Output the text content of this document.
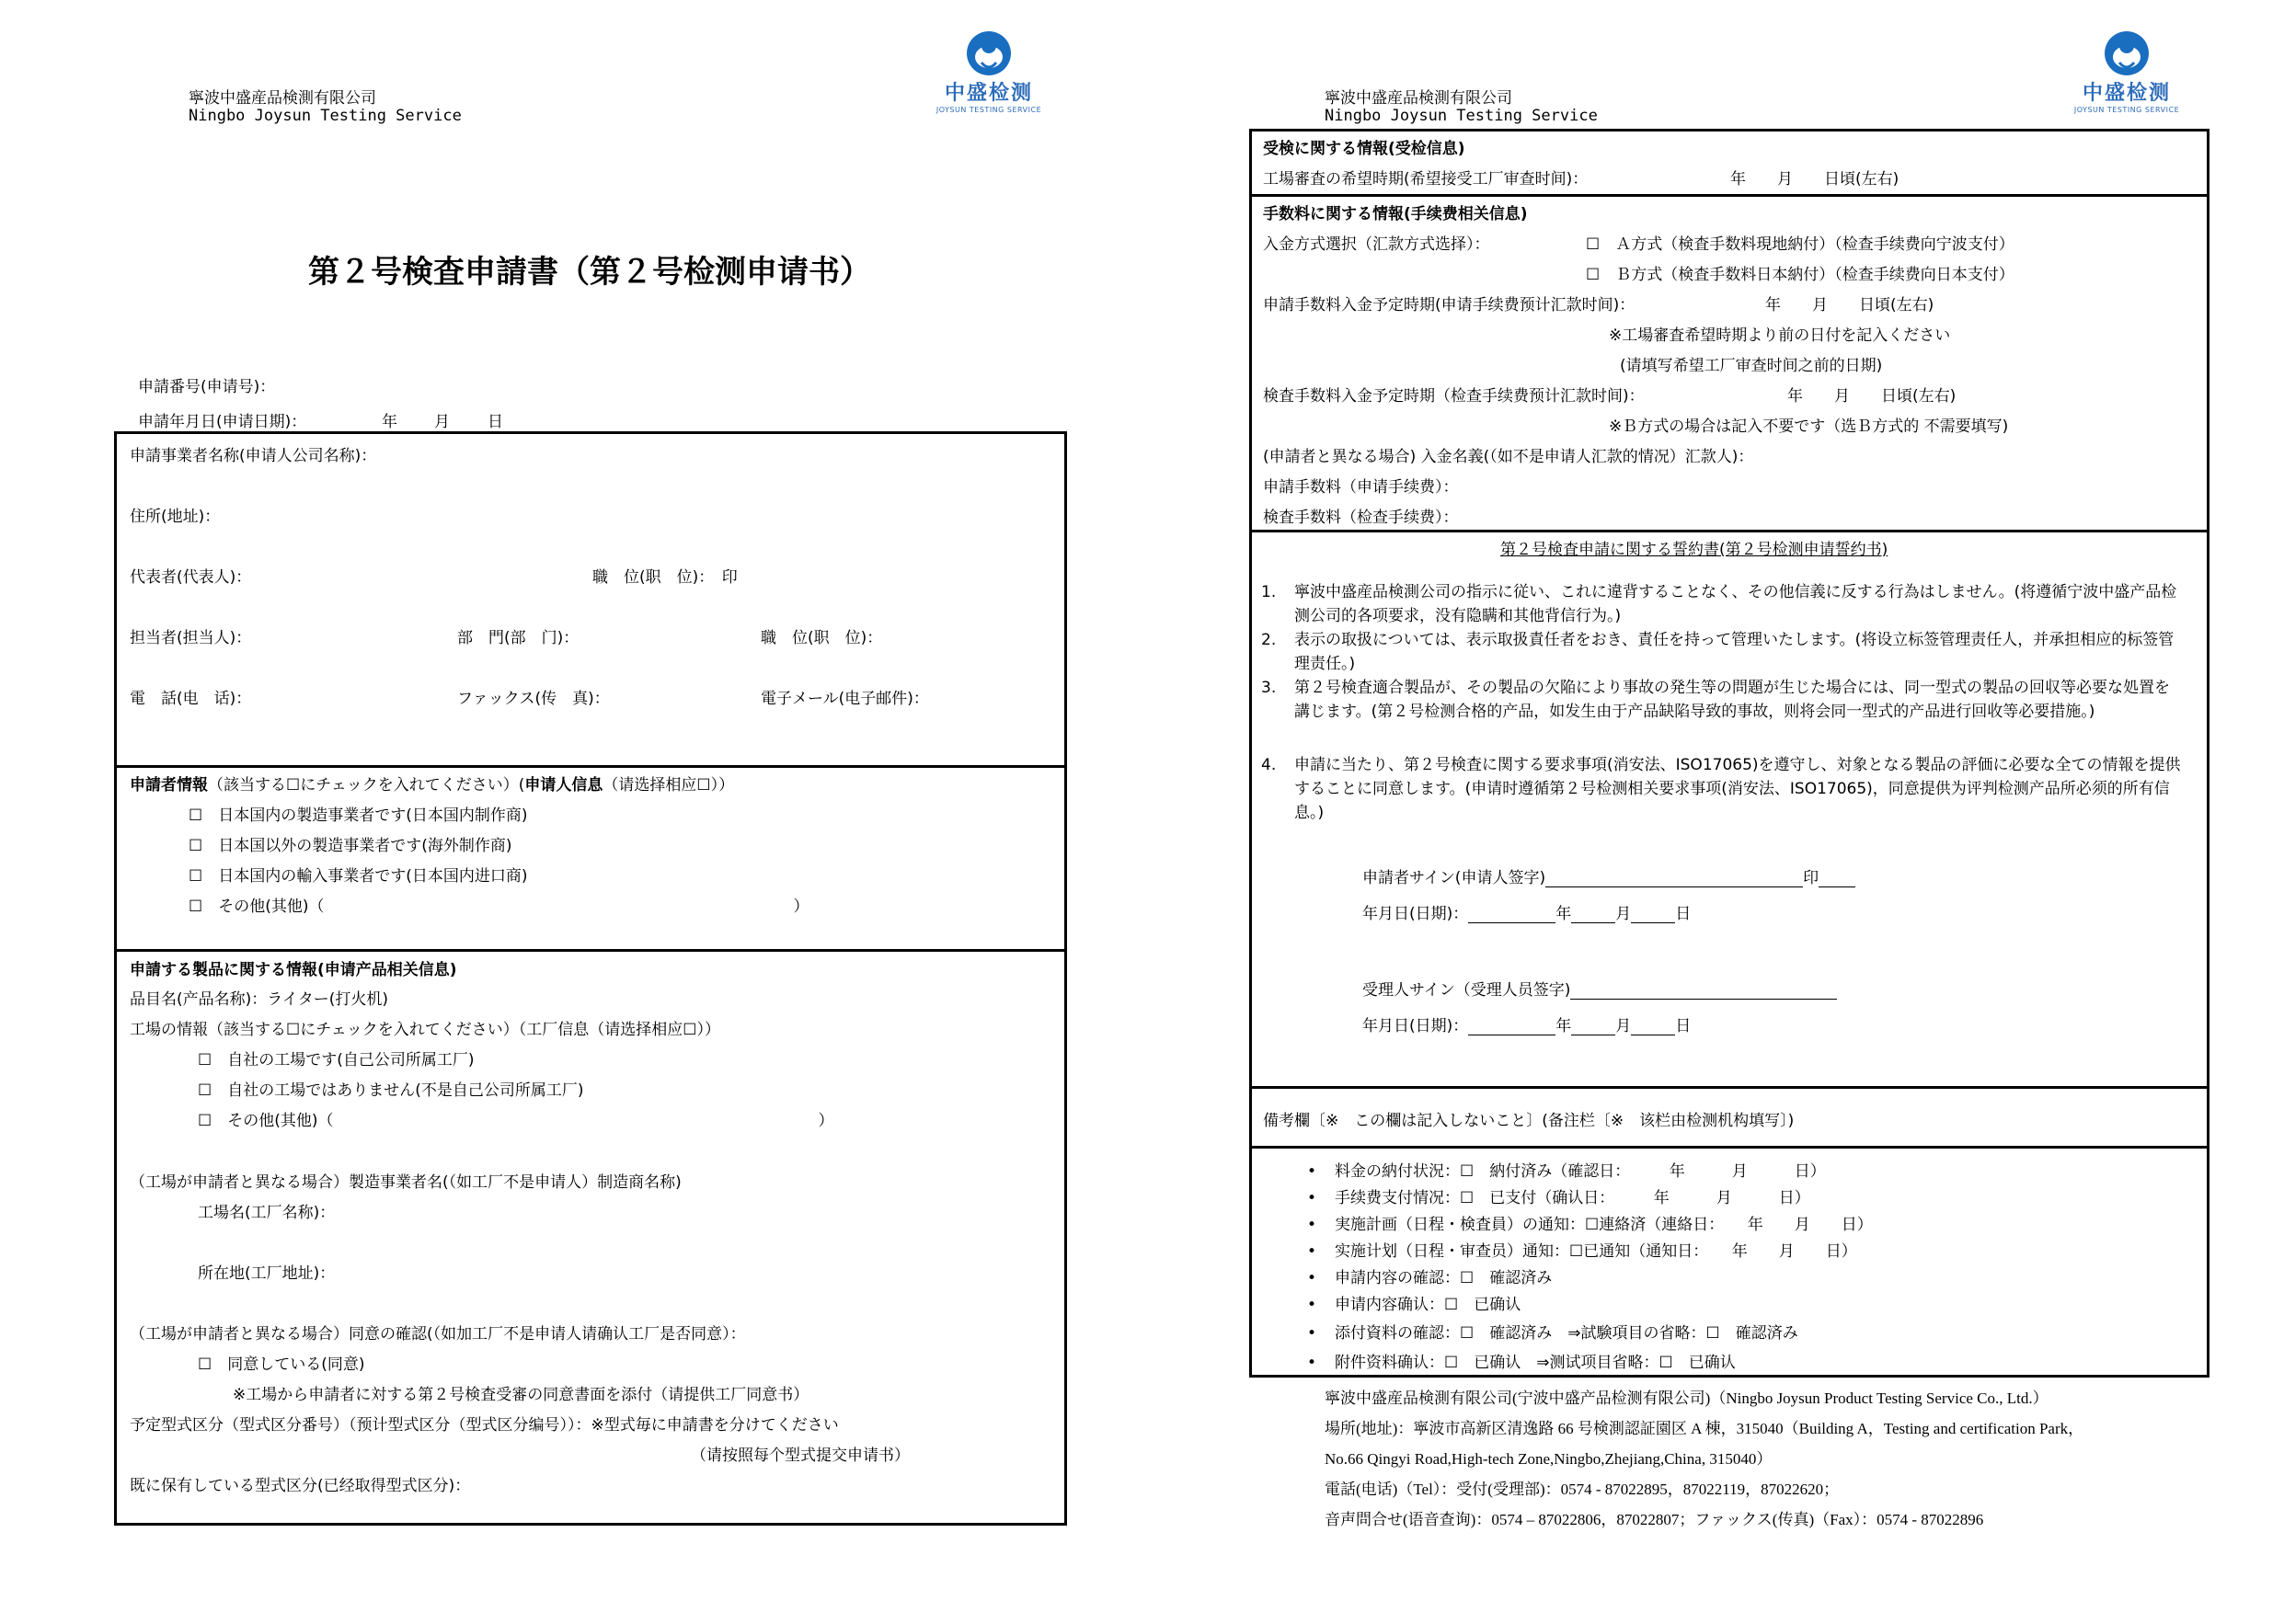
寧波中盛産品検測有限公司
Ningbo Joysun Testing Service
中盛检测
JOYSUN TESTING SERVICE
第２号検査申請書（第２号检测申请书）
申請番号(申请号)：
申請年月日(申请日期)：	年 月 日
申請事業者名称(申请人公司名称)：
住所(地址)：
代表者(代表人)：	職　位(职　位)：　印
担当者(担当人)：	部　門(部　门)：	職　位(职　位)：
電　話(电　话)：	ファックス(传　真)：	電子メール(电子邮件)：
申請者情報（該当する☐にチェックを入れてください）(申请人信息（请选择相应☐））
☐　日本国内の製造事業者です(日本国内制作商)
☐　日本国以外の製造事業者です(海外制作商)
☐　日本国内の輸入事業者です(日本国内进口商)
☐　その他(其他)（　　　　　　　　　　　　　　　　　　　　　　　　　　　　　　）
申請する製品に関する情報(申请产品相关信息)
品目名(产品名称)：ライター(打火机)
工場の情報（該当する☐にチェックを入れてください）（工厂信息（请选择相应☐））
☐　自社の工場です(自己公司所属工厂)
☐　自社の工場ではありません(不是自己公司所属工厂)
☐　その他(其他)（　　　　　　　　　　　　　　　　　　　　　　　　　　　　　　　）
（工場が申請者と異なる場合）製造事業者名(（如工厂不是申请人）制造商名称)
工場名(工厂名称)：
所在地(工厂地址)：
（工場が申請者と異なる場合）同意の確認(（如加工厂不是申请人请确认工厂是否同意）：
☐　同意している(同意)
※工場から申請者に対する第２号検査受審の同意書面を添付（请提供工厂同意书）
予定型式区分（型式区分番号）（预计型式区分（型式区分编号））：※型式毎に申請書を分けてください
（请按照每个型式提交申请书）
既に保有している型式区分(已经取得型式区分)：
寧波中盛産品検測有限公司
Ningbo Joysun Testing Service
中盛检测
JOYSUN TESTING SERVICE
受検に関する情報(受检信息)
工場審査の希望時期(希望接受工厂审查时间)：	年　　月　　日頃(左右)
手数料に関する情報(手续费相关信息)
入金方式選択（汇款方式选择）：	☐　Ａ方式（検査手数料現地納付）（检查手续费向宁波支付）
☐　Ｂ方式（検査手数料日本納付）（检查手续费向日本支付）
申請手数料入金予定時期(申请手续费预计汇款时间)：	年　　月　　日頃(左右)
※工場審査希望時期より前の日付を記入ください
(请填写希望工厂审查时间之前的日期)
検査手数料入金予定時期（检查手续费预计汇款时间)：	年　　月　　日頃(左右)
※Ｂ方式の場合は記入不要です（选Ｂ方式的 不需要填写)
(申請者と異なる場合) 入金名義(（如不是申请人汇款的情况）汇款人)：
申請手数料（申请手续费）：
検査手数料（检查手续费）：
第２号検査申請に関する誓約書(第２号检测申请誓约书)
1. 寧波中盛産品検測公司の指示に従い、これに違背することなく、その他信義に反する行為はしません。(将遵循宁波中盛产品检测公司的各项要求，没有隐瞒和其他背信行为。)
2. 表示の取扱については、表示取扱責任者をおき、責任を持って管理いたします。(将设立标签管理责任人，并承担相应的标签管理责任。)
3. 第２号検査適合製品が、その製品の欠陥により事故の発生等の問題が生じた場合には、同一型式の製品の回収等必要な処置を講じます。(第２号检测合格的产品，如发生由于产品缺陷导致的事故，则将会同一型式的产品进行回收等必要措施。)
4. 申請に当たり、第２号検査に関する要求事項(消安法、ISO17065)を遵守し、対象となる製品の評価に必要な全ての情報を提供することに同意します。(申请时遵循第２号检测相关要求事项(消安法、ISO17065)，同意提供为评判检测产品所必须的所有信息。)
申請者サイン(申请人签字)	印
年月日(日期)：	年	月	日
受理人サイン（受理人员签字)
年月日(日期)：	年	月	日
備考欄〔※　この欄は記入しないこと〕(备注栏〔※　该栏由检测机构填写〕)
• 料金の納付状況：☐　納付済み（確認日：　　　年　　　月　　　日）
• 手续费支付情况：☐　已支付（确认日：　　　年　　　月　　　日）
• 実施計画（日程・検査員）の通知：☐連絡済（連絡日：　　年　　月　　日）
• 实施计划（日程・审查员）通知：☐已通知（通知日：　　年　　月　　日）
• 申請内容の確認：☐　確認済み
• 申请内容确认：☐　已确认
• 添付資料の確認：☐　確認済み　⇒試験項目の省略：☐　確認済み
• 附件资料确认：☐　已确认　⇒测试项目省略：☐　已确认
寧波中盛産品検測有限公司(宁波中盛产品检测有限公司)（Ningbo Joysun Product Testing Service Co., Ltd.）
場所(地址)：寧波市高新区清逸路 66 号検測認証園区 A 棟，315040（Building A，Testing and certification Park，
No.66 Qingyi Road,High-tech Zone,Ningbo,Zhejiang,China, 315040）
電話(电话)（Tel）：受付(受理部)：0574 - 87022895，87022119，87022620；
音声問合せ(语音查询)：0574 – 87022806，87022807；ファックス(传真)（Fax）：0574 - 87022896
